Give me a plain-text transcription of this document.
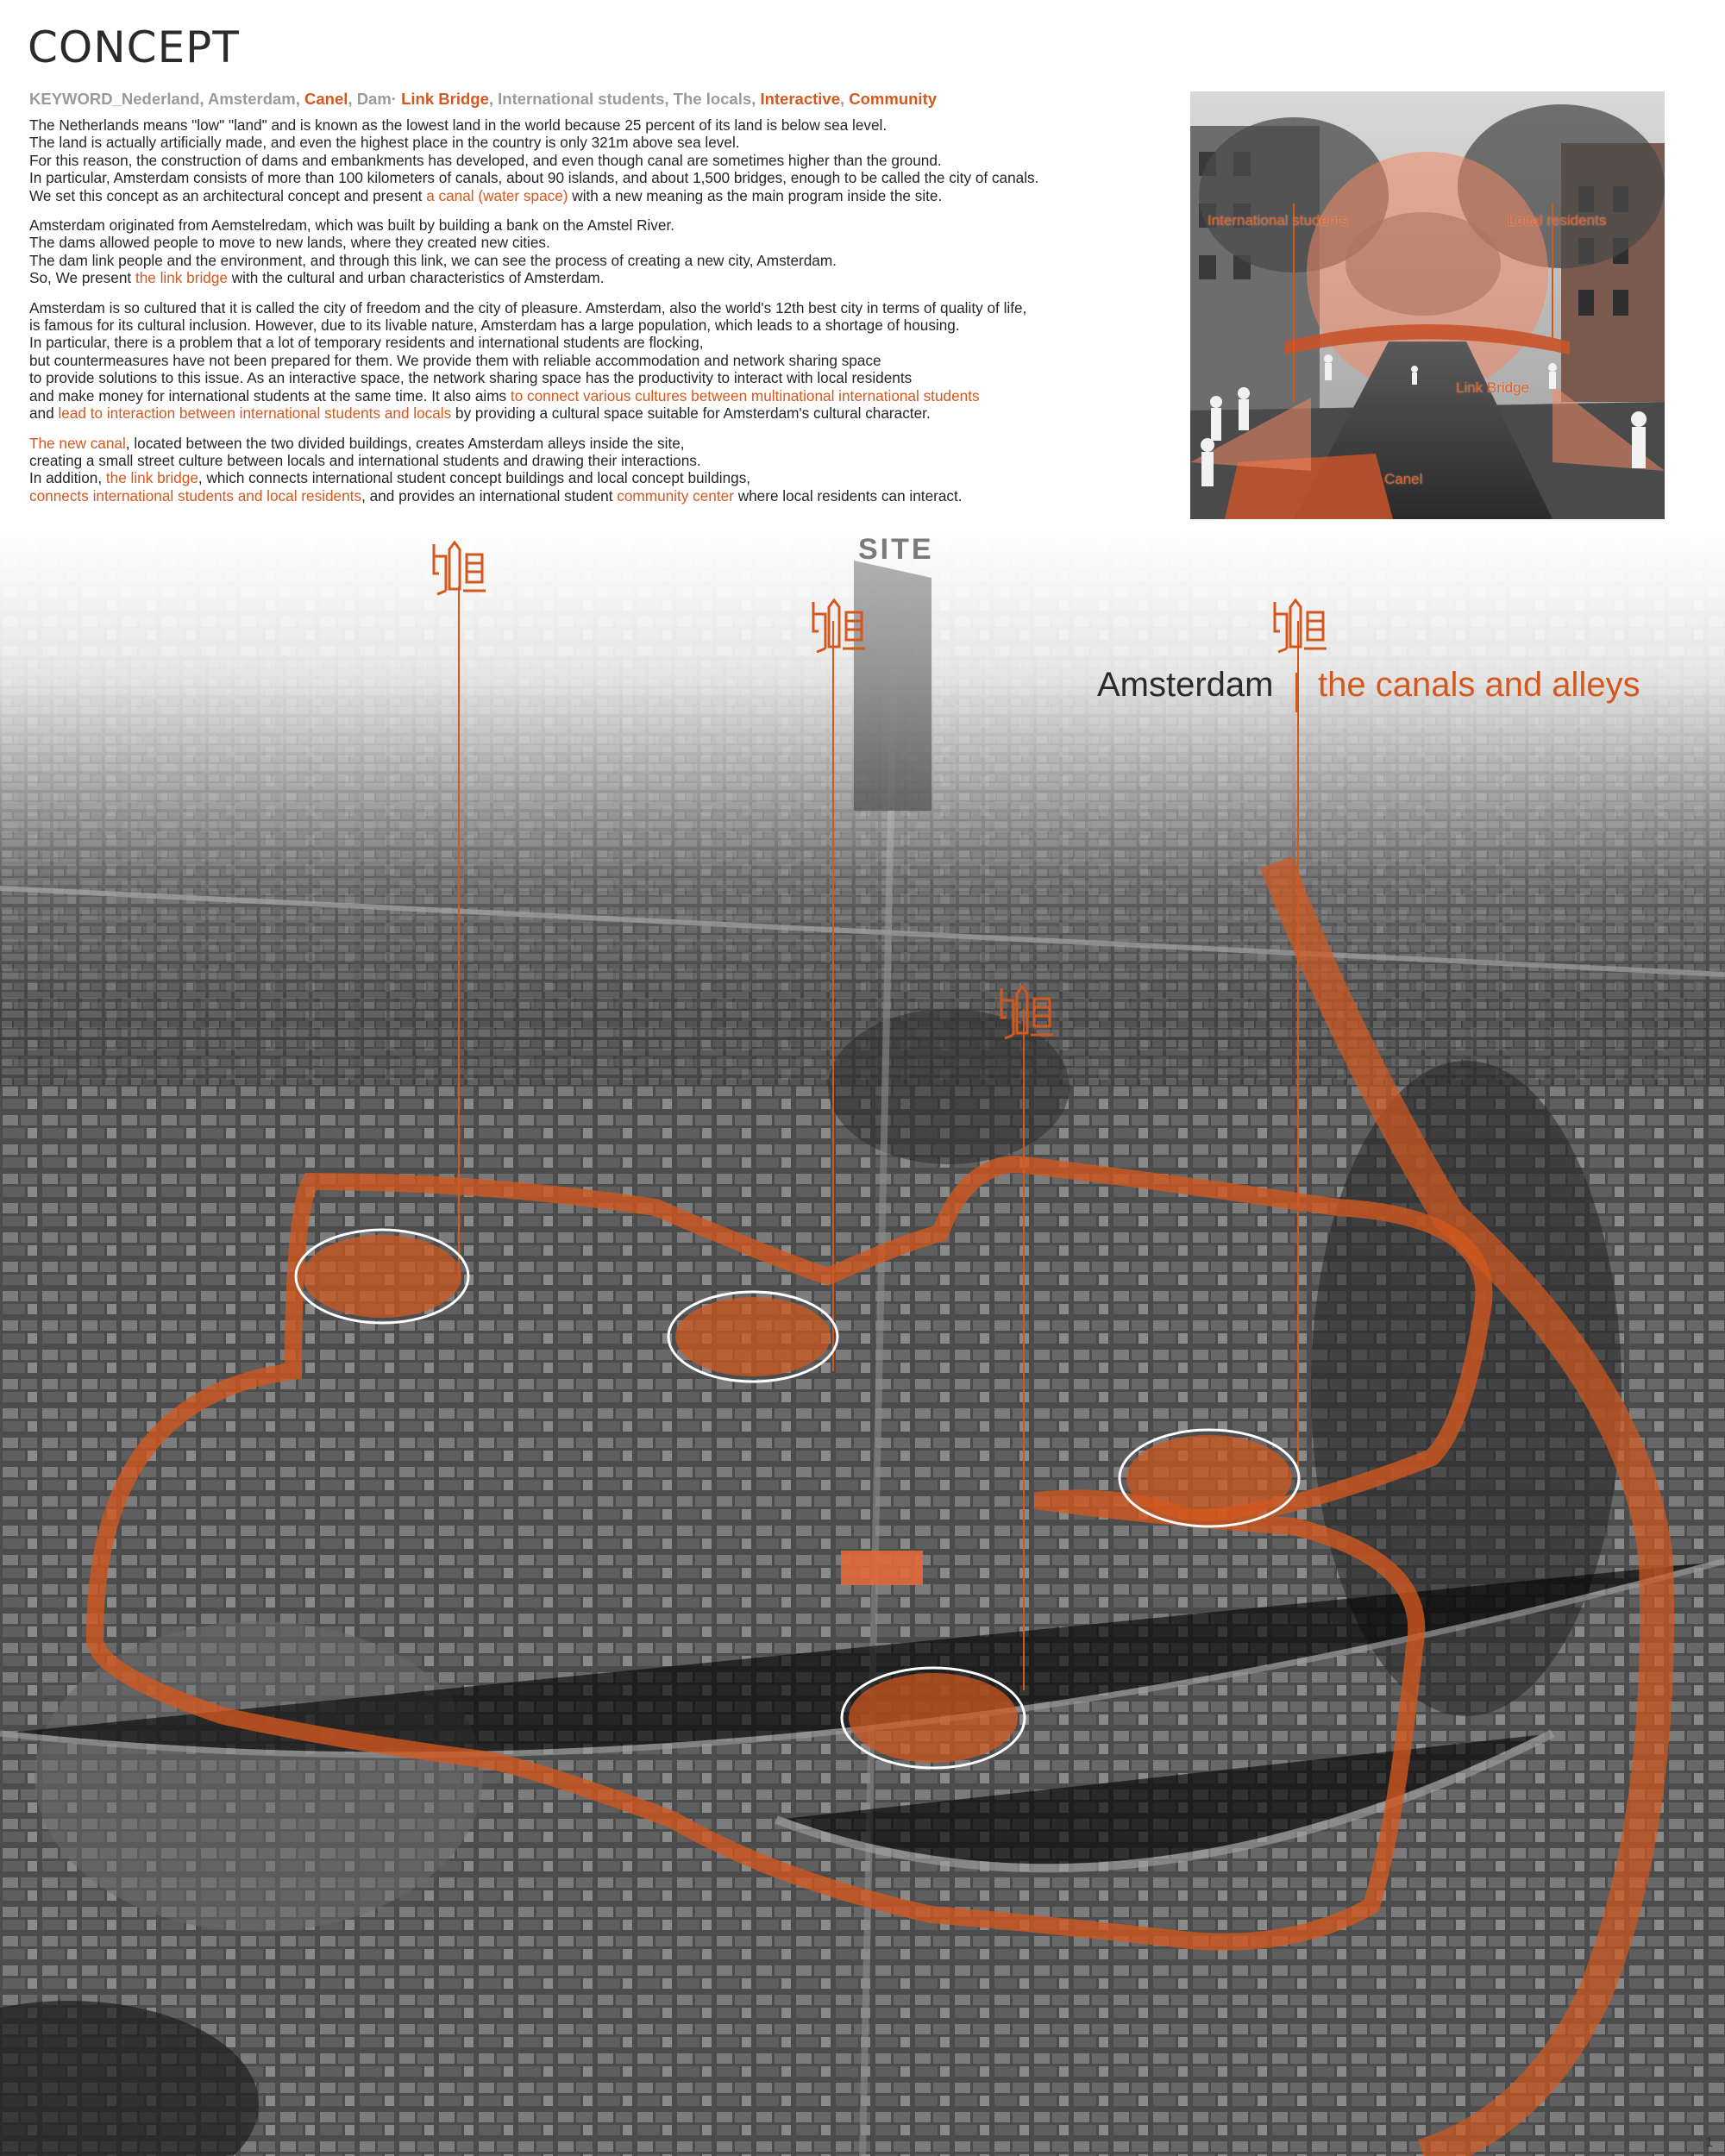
CONCEPT
KEYWORD_Nederland, Amsterdam, Canel, Dam· Link Bridge, International students, The locals, Interactive, Community
The Netherlands means "low" "land" and is known as the lowest land in the world because 25 percent of its land is below sea level.
The land is actually artificially made, and even the highest place in the country is only 321m above sea level.
For this reason, the construction of dams and embankments has developed, and even though canal are sometimes higher than the ground.
In particular, Amsterdam consists of more than 100 kilometers of canals, about 90 islands, and about 1,500 bridges, enough to be called the city of canals.
We set this concept as an architectural concept and present a canal (water space) with a new meaning as the main program inside the site.
Amsterdam originated from Aemstelredam, which was built by building a bank on the Amstel River.
The dams allowed people to move to new lands, where they created new cities.
The dam link people and the environment, and through this link, we can see the process of creating a new city, Amsterdam.
So, We present the link bridge with the cultural and urban characteristics of Amsterdam.
Amsterdam is so cultured that it is called the city of freedom and the city of pleasure. Amsterdam, also the world's 12th best city in terms of quality of life,
is famous for its cultural inclusion. However, due to its livable nature, Amsterdam has a large population, which leads to a shortage of housing.
In particular, there is a problem that a lot of temporary residents and international students are flocking,
but countermeasures have not been prepared for them. We provide them with reliable accommodation and network sharing space
to provide solutions to this issue. As an interactive space, the network sharing space has the productivity to interact with local residents
and make money for international students at the same time. It also aims to connect various cultures between multinational international students
and lead to interaction between international students and locals by providing a cultural space suitable for Amsterdam's cultural character.
The new canal, located between the two divided buildings, creates Amsterdam alleys inside the site,
creating a small street culture between locals and international students and drawing their interactions.
In addition, the link bridge, which connects international student concept buildings and local concept buildings,
connects international students and local residents, and provides an international student community center where local residents can interact.
International students	Local residents
Link Bridge
Canel
SITE
Amsterdam the canals and alleys
1
